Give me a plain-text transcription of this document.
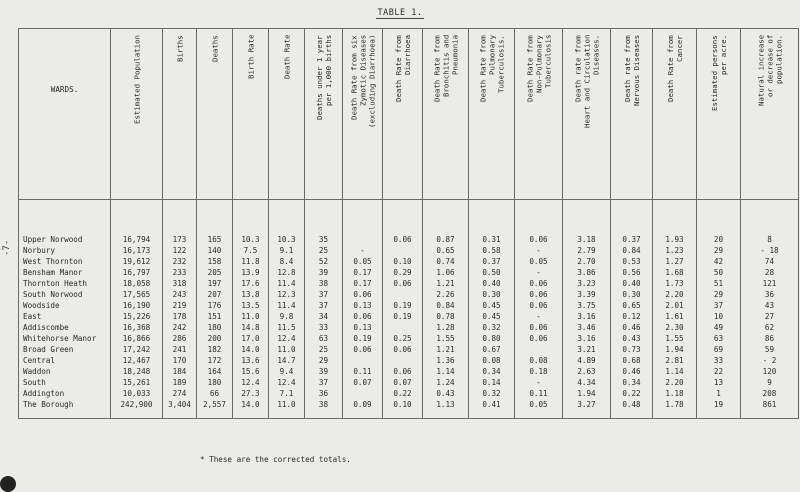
-7-
TABLE 1.
WARDS.	Estimated Population	Births	Deaths	Birth Rate	Death Rate	Deaths under 1 year
per 1,000 births	Death Rate from six
Zymotic Diseases
(excluding Diarrhoea)	Death Rate from
Diarrhoea	Death Rate from
Bronchitis and
Pneumonia	Death Rate from
Pulmonary
Tuberculosis.	Death Rate from
Non-Pulmonary
Tuberculosis	Death rate from
Heart and Circulation
Diseases.	Death rate from
Nervous Diseases	Death Rate from
Cancer	Estimated persons
per acre.	Natural increase
or decrease of
population.

Upper Norwood	16,794	173	165	10.3	10.3	35		0.06	0.87	0.31	0.06	3.18	0.37	1.93	20	8
Norbury	16,173	122	140	7.5	9.1	25	-		0.65	0.58	-	2.79	0.84	1.23	29	- 18
West Thornton	19,612	232	158	11.8	8.4	52	0.05	0.10	0.74	0.37	0.05	2.70	0.53	1.27	42	74
Bensham Manor	16,797	233	205	13.9	12.8	39	0.17	0.29	1.06	0.50	-	3.86	0.56	1.68	50	28
Thornton Heath	18,058	318	197	17.6	11.4	38	0.17	0.06	1.21	0.40	0.06	3.23	0.40	1.73	51	121
South Norwood	17,565	243	207	13.8	12.3	37	0.06		2.26	0.30	0.06	3.39	0.30	2.20	29	36
Woodside	16,190	219	176	13.5	11.4	37	0.13	0.19	0.84	0.45	0.06	3.75	0.65	2.01	37	43
East	15,226	178	151	11.0	9.8	34	0.06	0.19	0.78	0.45	-	3.16	0.12	1.61	10	27
Addiscombe	16,368	242	180	14.8	11.5	33	0.13		1.28	0.32	0.06	3.46	0.46	2.30	49	62
Whitehorse Manor	16,866	286	200	17.0	12.4	63	0.19	0.25	1.55	0.80	0.06	3.16	0.43	1.55	63	86
Broad Green	17,242	241	182	14.0	11.0	25	0.06	0.06	1.21	0.67		3.21	0.73	1.94	69	59
Central	12,467	170	172	13.6	14.7	29			1.36	0.08	0.08	4.89	0.68	2.81	33	- 2
Waddon	18,248	184	164	15.6	9.4	39	0.11	0.06	1.14	0.34	0.18	2.63	0.46	1.14	22	120
South	15,261	189	180	12.4	12.4	37	0.07	0.07	1.24	0.14	-	4.34	0.34	2.20	13	9
Addington	10,033	274	66	27.3	7.1	36		0.22	0.43	0.32	0.11	1.94	0.22	1.18	1	208
The Borough	242,900	3,404	2,557	14.0	11.0	38	0.09	0.10	1.13	0.41	0.05	3.27	0.48	1.78	19	861

* These are the corrected totals.
